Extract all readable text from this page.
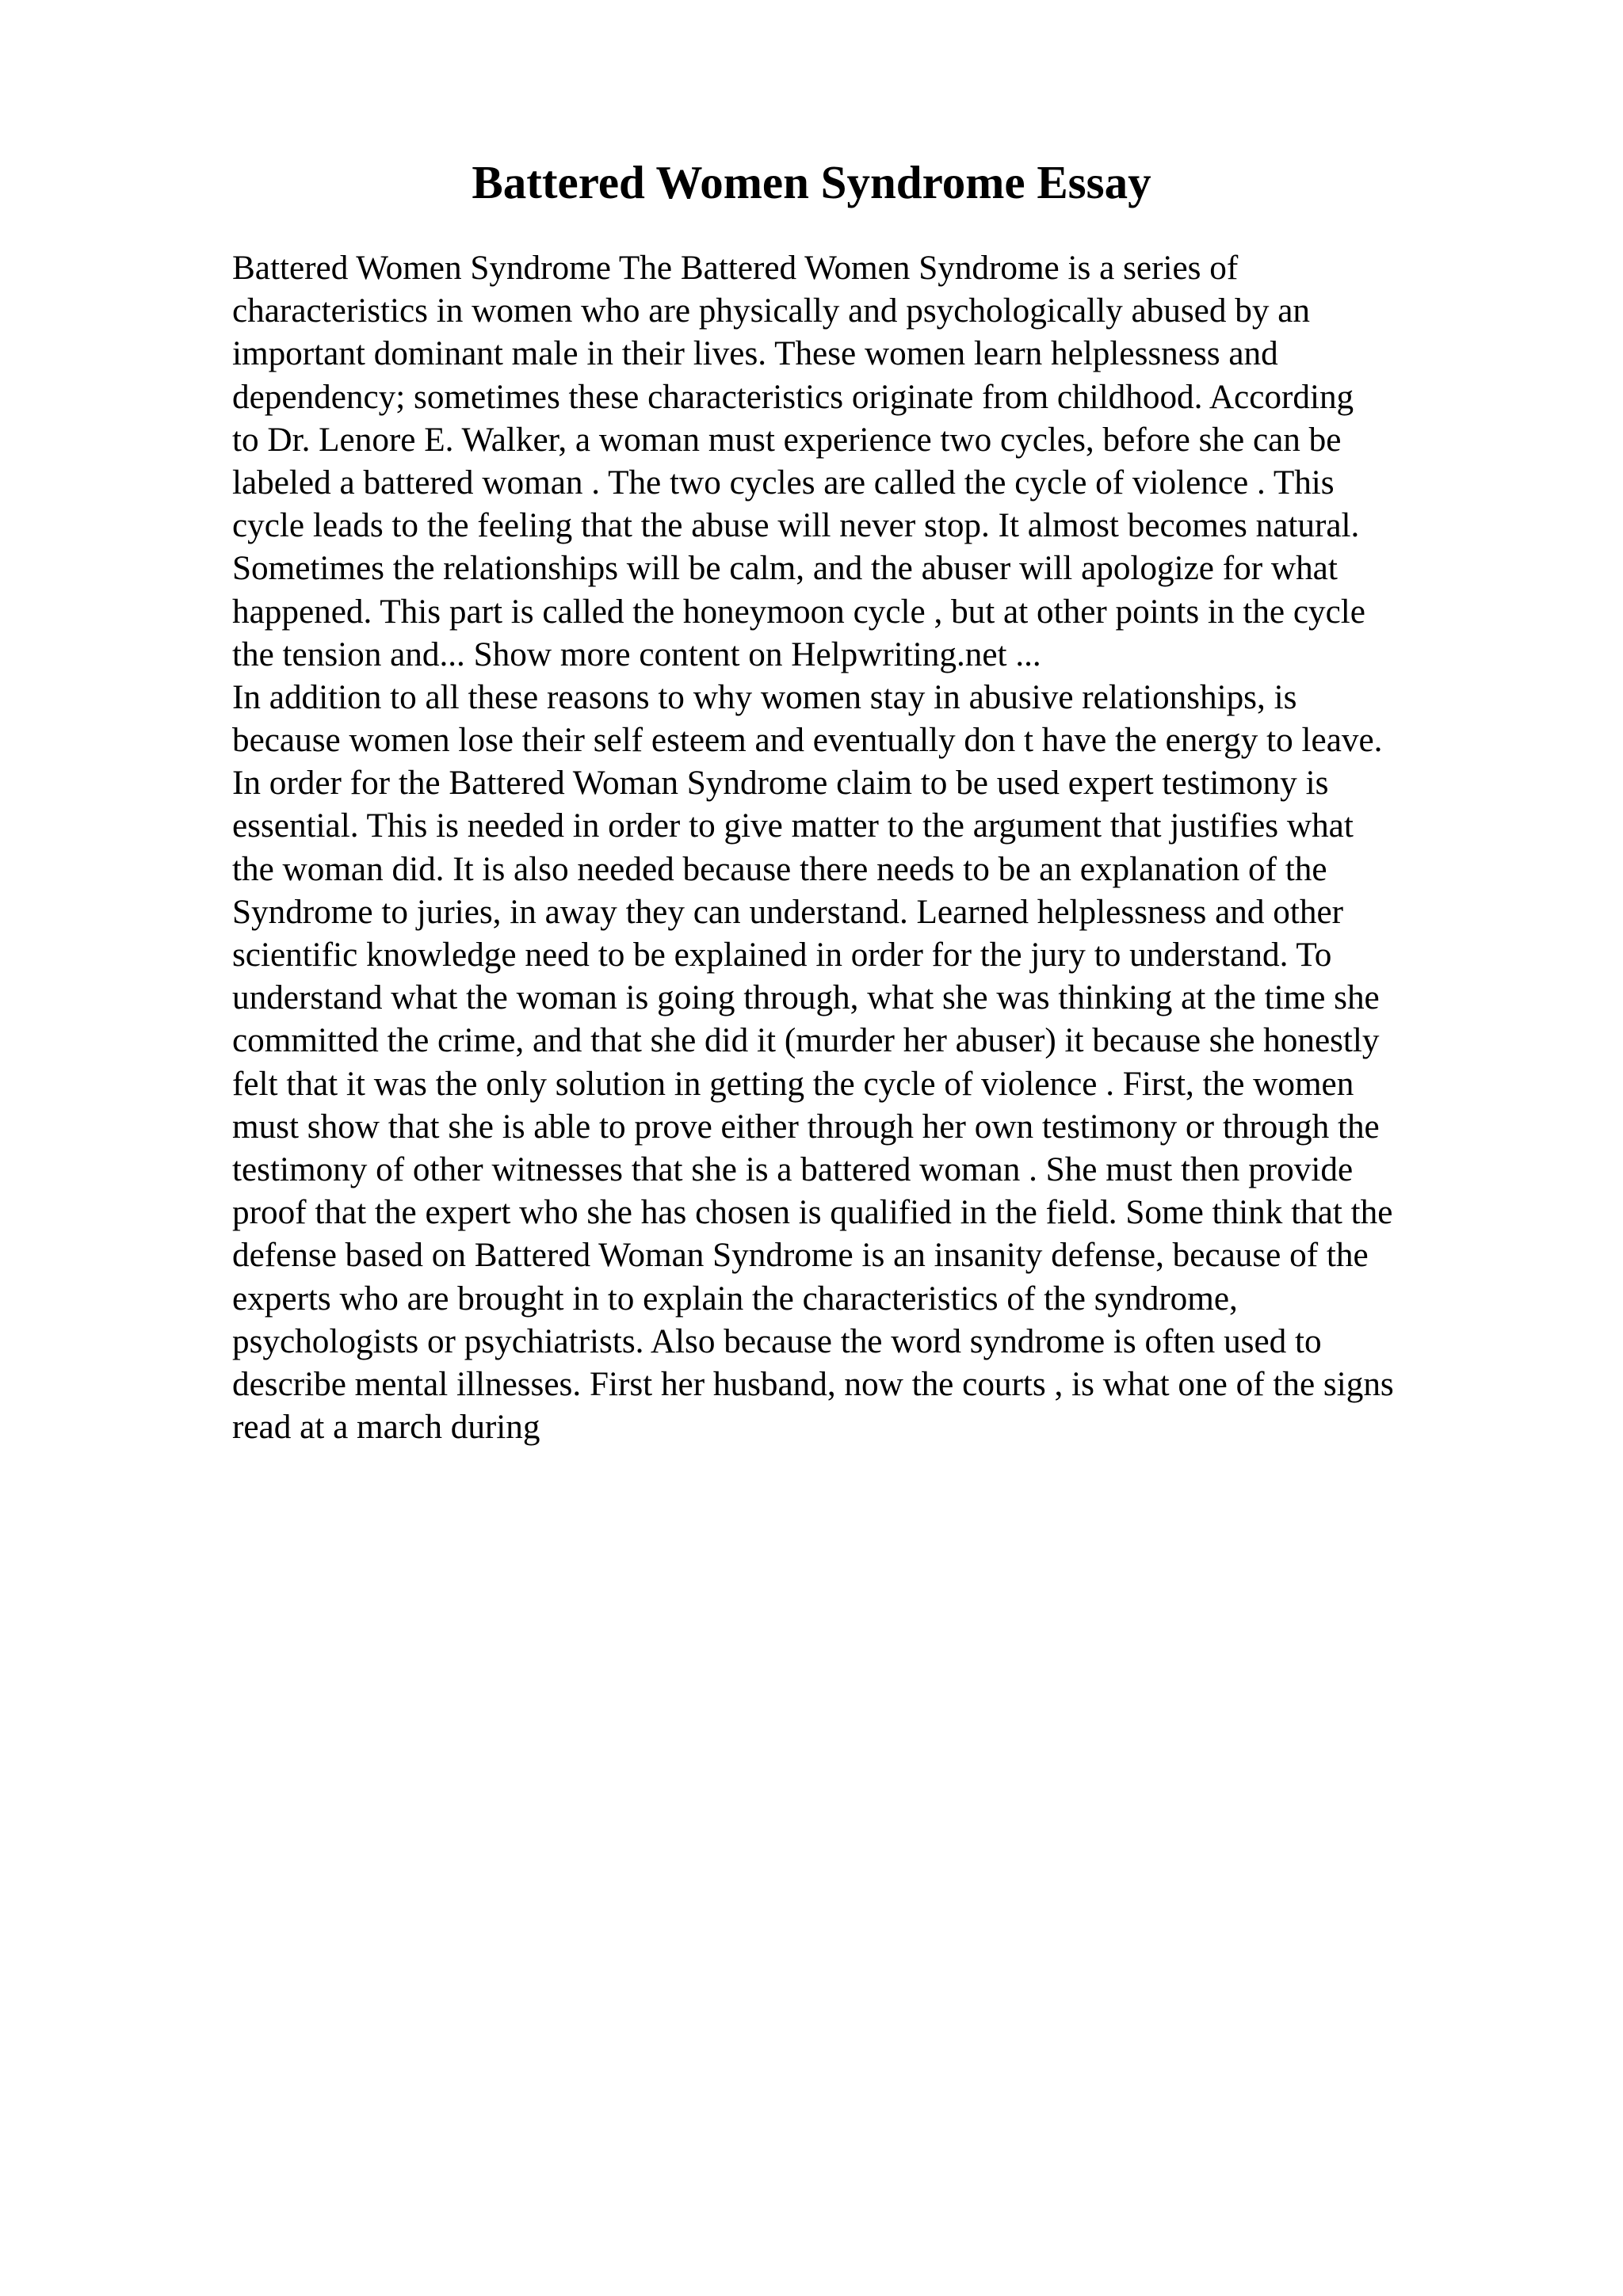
Battered Women Syndrome Essay
Battered Women Syndrome The Battered Women Syndrome is a series of
characteristics in women who are physically and psychologically abused by an
important dominant male in their lives. These women learn helplessness and
dependency; sometimes these characteristics originate from childhood. According
to Dr. Lenore E. Walker, a woman must experience two cycles, before she can be
labeled a battered woman . The two cycles are called the cycle of violence . This
cycle leads to the feeling that the abuse will never stop. It almost becomes natural.
Sometimes the relationships will be calm, and the abuser will apologize for what
happened. This part is called the honeymoon cycle , but at other points in the cycle
the tension and... Show more content on Helpwriting.net ...
In addition to all these reasons to why women stay in abusive relationships, is
because women lose their self esteem and eventually don t have the energy to leave.
In order for the Battered Woman Syndrome claim to be used expert testimony is
essential. This is needed in order to give matter to the argument that justifies what
the woman did. It is also needed because there needs to be an explanation of the
Syndrome to juries, in away they can understand. Learned helplessness and other
scientific knowledge need to be explained in order for the jury to understand. To
understand what the woman is going through, what she was thinking at the time she
committed the crime, and that she did it (murder her abuser) it because she honestly
felt that it was the only solution in getting the cycle of violence . First, the women
must show that she is able to prove either through her own testimony or through the
testimony of other witnesses that she is a battered woman . She must then provide
proof that the expert who she has chosen is qualified in the field. Some think that the
defense based on Battered Woman Syndrome is an insanity defense, because of the
experts who are brought in to explain the characteristics of the syndrome,
psychologists or psychiatrists. Also because the word syndrome is often used to
describe mental illnesses. First her husband, now the courts , is what one of the signs
read at a march during
